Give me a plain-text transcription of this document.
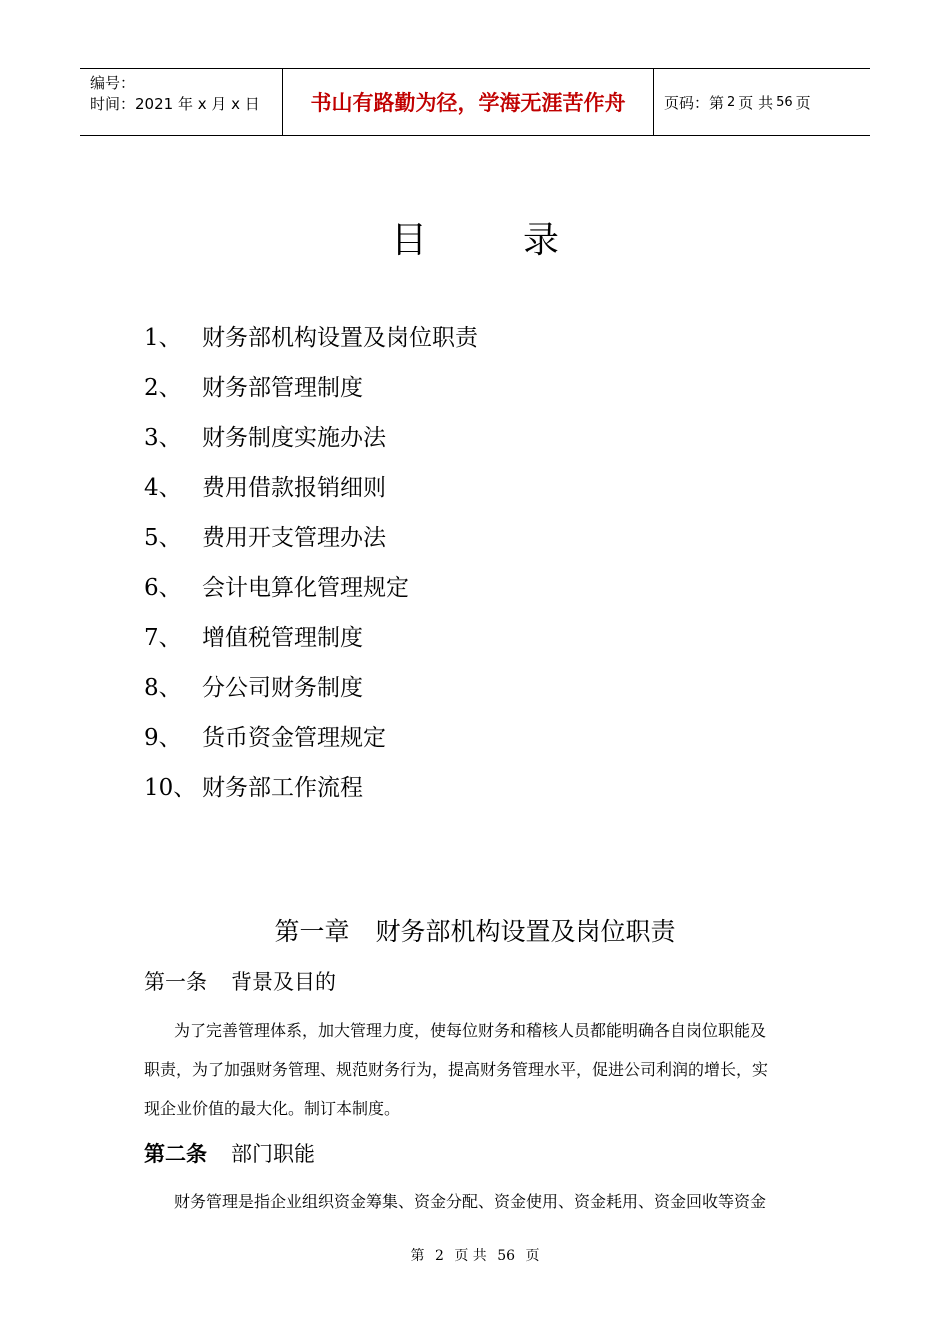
编号：
时间：2021 年 x 月 x 日	书山有路勤为径，学海无涯苦作舟	页码：第 2 页 共 56 页
目	录
1、 财务部机构设置及岗位职责
2、 财务部管理制度
3、 财务制度实施办法
4、 费用借款报销细则
5、 费用开支管理办法
6、 会计电算化管理规定
7、 增值税管理制度
8、 分公司财务制度
9、 货币资金管理规定
10、 财务部工作流程
第一章 财务部机构设置及岗位职责
第一条 背景及目的
为了完善管理体系，加大管理力度，使每位财务和稽核人员都能明确各自岗位职能及
职责，为了加强财务管理、规范财务行为，提高财务管理水平，促进公司利润的增长，实
现企业价值的最大化。制订本制度。
第二条 部门职能
财务管理是指企业组织资金筹集、资金分配、资金使用、资金耗用、资金回收等资金
第 2 页 共 56 页
